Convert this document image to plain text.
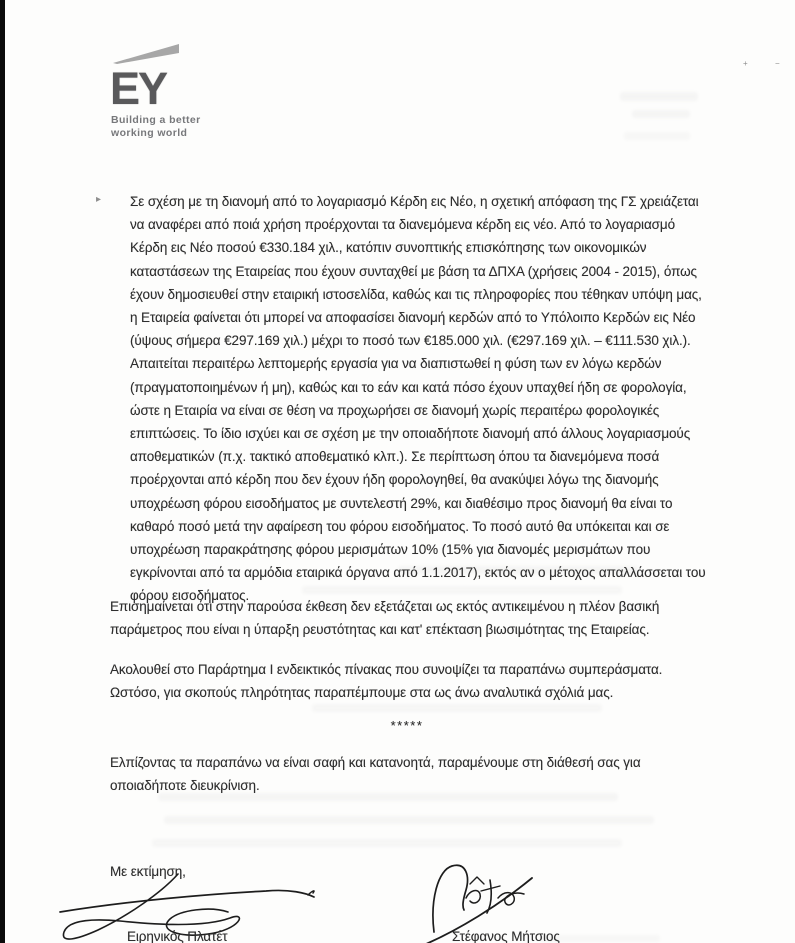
EY
Building a better
working world
▸ Σε σχέση με τη διανομή από το λογαριασμό Κέρδη εις Νέο, η σχετική απόφαση της ΓΣ χρειάζεται να αναφέρει από ποιά χρήση προέρχονται τα διανεμόμενα κέρδη εις νέο. Από το λογαριασμό Κέρδη εις Νέο ποσού €330.184 χιλ., κατόπιν συνοπτικής επισκόπησης των οικονομικών καταστάσεων της Εταιρείας που έχουν συνταχθεί με βάση τα ΔΠΧΑ (χρήσεις 2004 - 2015), όπως έχουν δημοσιευθεί στην εταιρική ιστοσελίδα, καθώς και τις πληροφορίες που τέθηκαν υπόψη μας, η Εταιρεία φαίνεται ότι μπορεί να αποφασίσει διανομή κερδών από το Υπόλοιπο Κερδών εις Νέο (ύψους σήμερα €297.169 χιλ.) μέχρι το ποσό των €185.000 χιλ. (€297.169 χιλ. – €111.530 χιλ.). Απαιτείται περαιτέρω λεπτομερής εργασία για να διαπιστωθεί η φύση των εν λόγω κερδών (πραγματοποιημένων ή μη), καθώς και το εάν και κατά πόσο έχουν υπαχθεί ήδη σε φορολογία, ώστε η Εταιρία να είναι σε θέση να προχωρήσει σε διανομή χωρίς περαιτέρω φορολογικές επιπτώσεις. Το ίδιο ισχύει και σε σχέση με την οποιαδήποτε διανομή από άλλους λογαριασμούς αποθεματικών (π.χ. τακτικό αποθεματικό κλπ.). Σε περίπτωση όπου τα διανεμόμενα ποσά προέρχονται από κέρδη που δεν έχουν ήδη φορολογηθεί, θα ανακύψει λόγω της διανομής υποχρέωση φόρου εισοδήματος με συντελεστή 29%, και διαθέσιμο προς διανομή θα είναι το καθαρό ποσό μετά την αφαίρεση του φόρου εισοδήματος. Το ποσό αυτό θα υπόκειται και σε υποχρέωση παρακράτησης φόρου μερισμάτων 10% (15% για διανομές μερισμάτων που εγκρίνονται από τα αρμόδια εταιρικά όργανα από 1.1.2017), εκτός αν ο μέτοχος απαλλάσσεται του φόρου εισοδήματος.
Επισημαίνεται ότι στην παρούσα έκθεση δεν εξετάζεται ως εκτός αντικειμένου η πλέον βασική παράμετρος που είναι η ύπαρξη ρευστότητας και κατ' επέκταση βιωσιμότητας της Εταιρείας.
Ακολουθεί στο Παράρτημα Ι ενδεικτικός πίνακας που συνοψίζει τα παραπάνω συμπεράσματα. Ωστόσο, για σκοπούς πληρότητας παραπέμπουμε στα ως άνω αναλυτικά σχόλιά μας.
*****
Ελπίζοντας τα παραπάνω να είναι σαφή και κατανοητά, παραμένουμε στη διάθεσή σας για οποιαδήποτε διευκρίνιση.
Με εκτίμηση,
Ειρηνικός Πλατέτ	Στέφανος Μήτσιος
+	−
